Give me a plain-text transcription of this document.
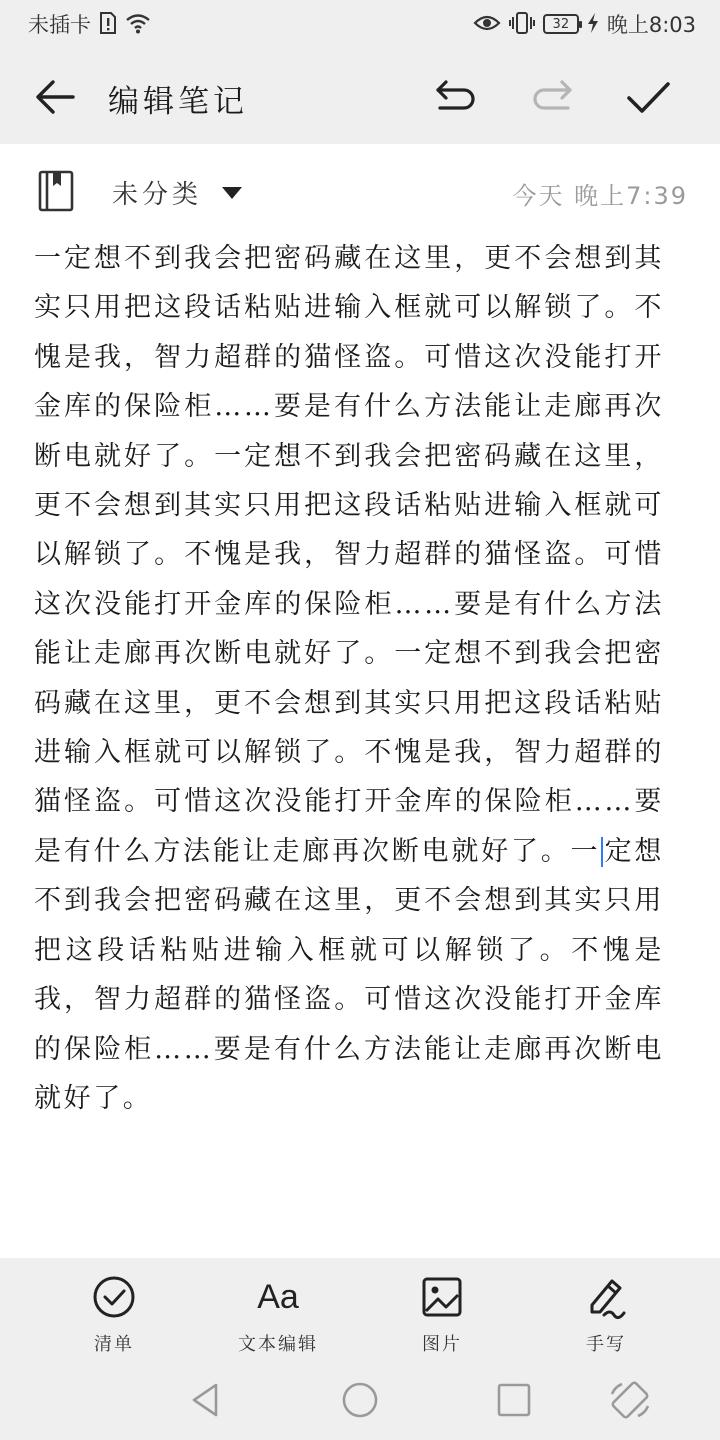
未插卡	32 晚上8:03
编辑笔记
未分类	今天 晚上7:39
一定想不到我会把密码藏在这里，更不会想到其实只用把这段话粘贴进输入框就可以解锁了。不愧是我，智力超群的猫怪盗。可惜这次没能打开金库的保险柜……要是有什么方法能让走廊再次断电就好了。一定想不到我会把密码藏在这里，更不会想到其实只用把这段话粘贴进输入框就可以解锁了。不愧是我，智力超群的猫怪盗。可惜这次没能打开金库的保险柜……要是有什么方法能让走廊再次断电就好了。一定想不到我会把密码藏在这里，更不会想到其实只用把这段话粘贴进输入框就可以解锁了。不愧是我，智力超群的猫怪盗。可惜这次没能打开金库的保险柜……要是有什么方法能让走廊再次断电就好了。一 定想不到我会把密码藏在这里，更不会想到其实只用把这段话粘贴进输入框就可以解锁了。不愧是我，智力超群的猫怪盗。可惜这次没能打开金库的保险柜……要是有什么方法能让走廊再次断电就好了。
清单
Aa
文本编辑	图片	手写
